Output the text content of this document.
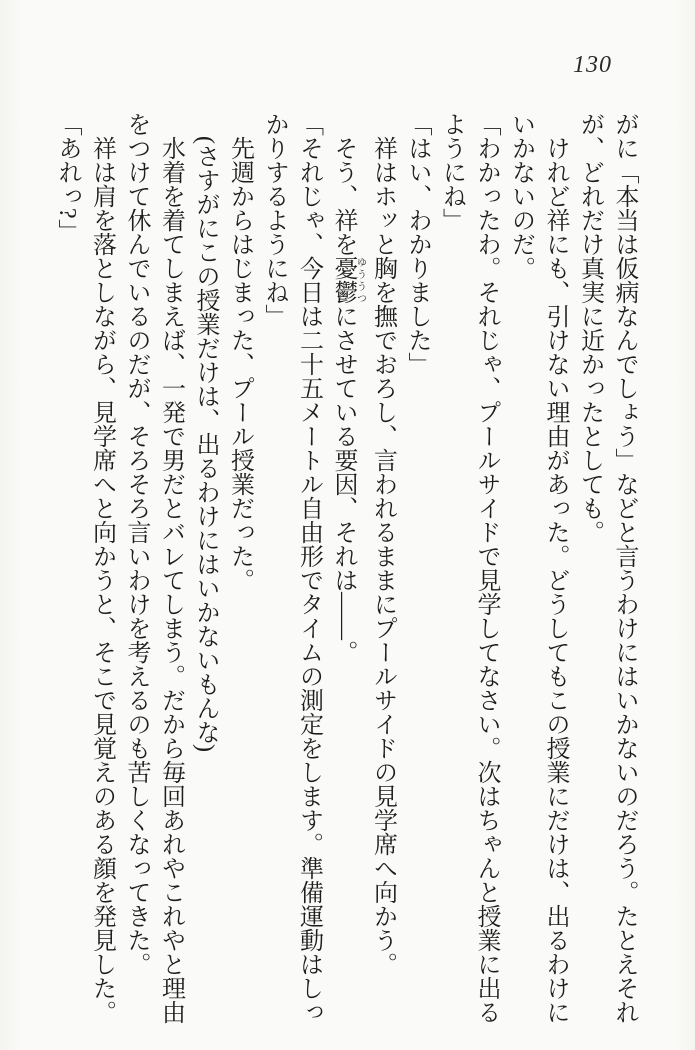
130
がに「本当は仮病なんでしょう」などと言うわけにはいかないのだろう。たとえそれ
が、どれだけ真実に近かったとしても。
けれど祥にも、引けない理由があった。どうしてもこの授業にだけは、出るわけに
いかないのだ。
「わかったわ。それじゃ、プールサイドで見学してなさい。次はちゃんと授業に出る
ようにね」
「はい、わかりました」
祥はホッと胸を撫でおろし、言われるままにプールサイドの見学席へ向かう。
そう、祥を憂鬱ゆううつにさせている要因、それは――。
「それじゃ、今日は二十五メートル自由形でタイムの測定をします。準備運動はしっ
かりするようにね」
先週からはじまった、プール授業だった。
(さすがにこの授業だけは、出るわけにはいかないもんな)
水着を着てしまえば、一発で男だとバレてしまう。だから毎回あれやこれやと理由
をつけて休んでいるのだが、そろそろ言いわけを考えるのも苦しくなってきた。
祥は肩を落としながら、見学席へと向かうと、そこで見覚えのある顔を発見した。
「あれっ?」
